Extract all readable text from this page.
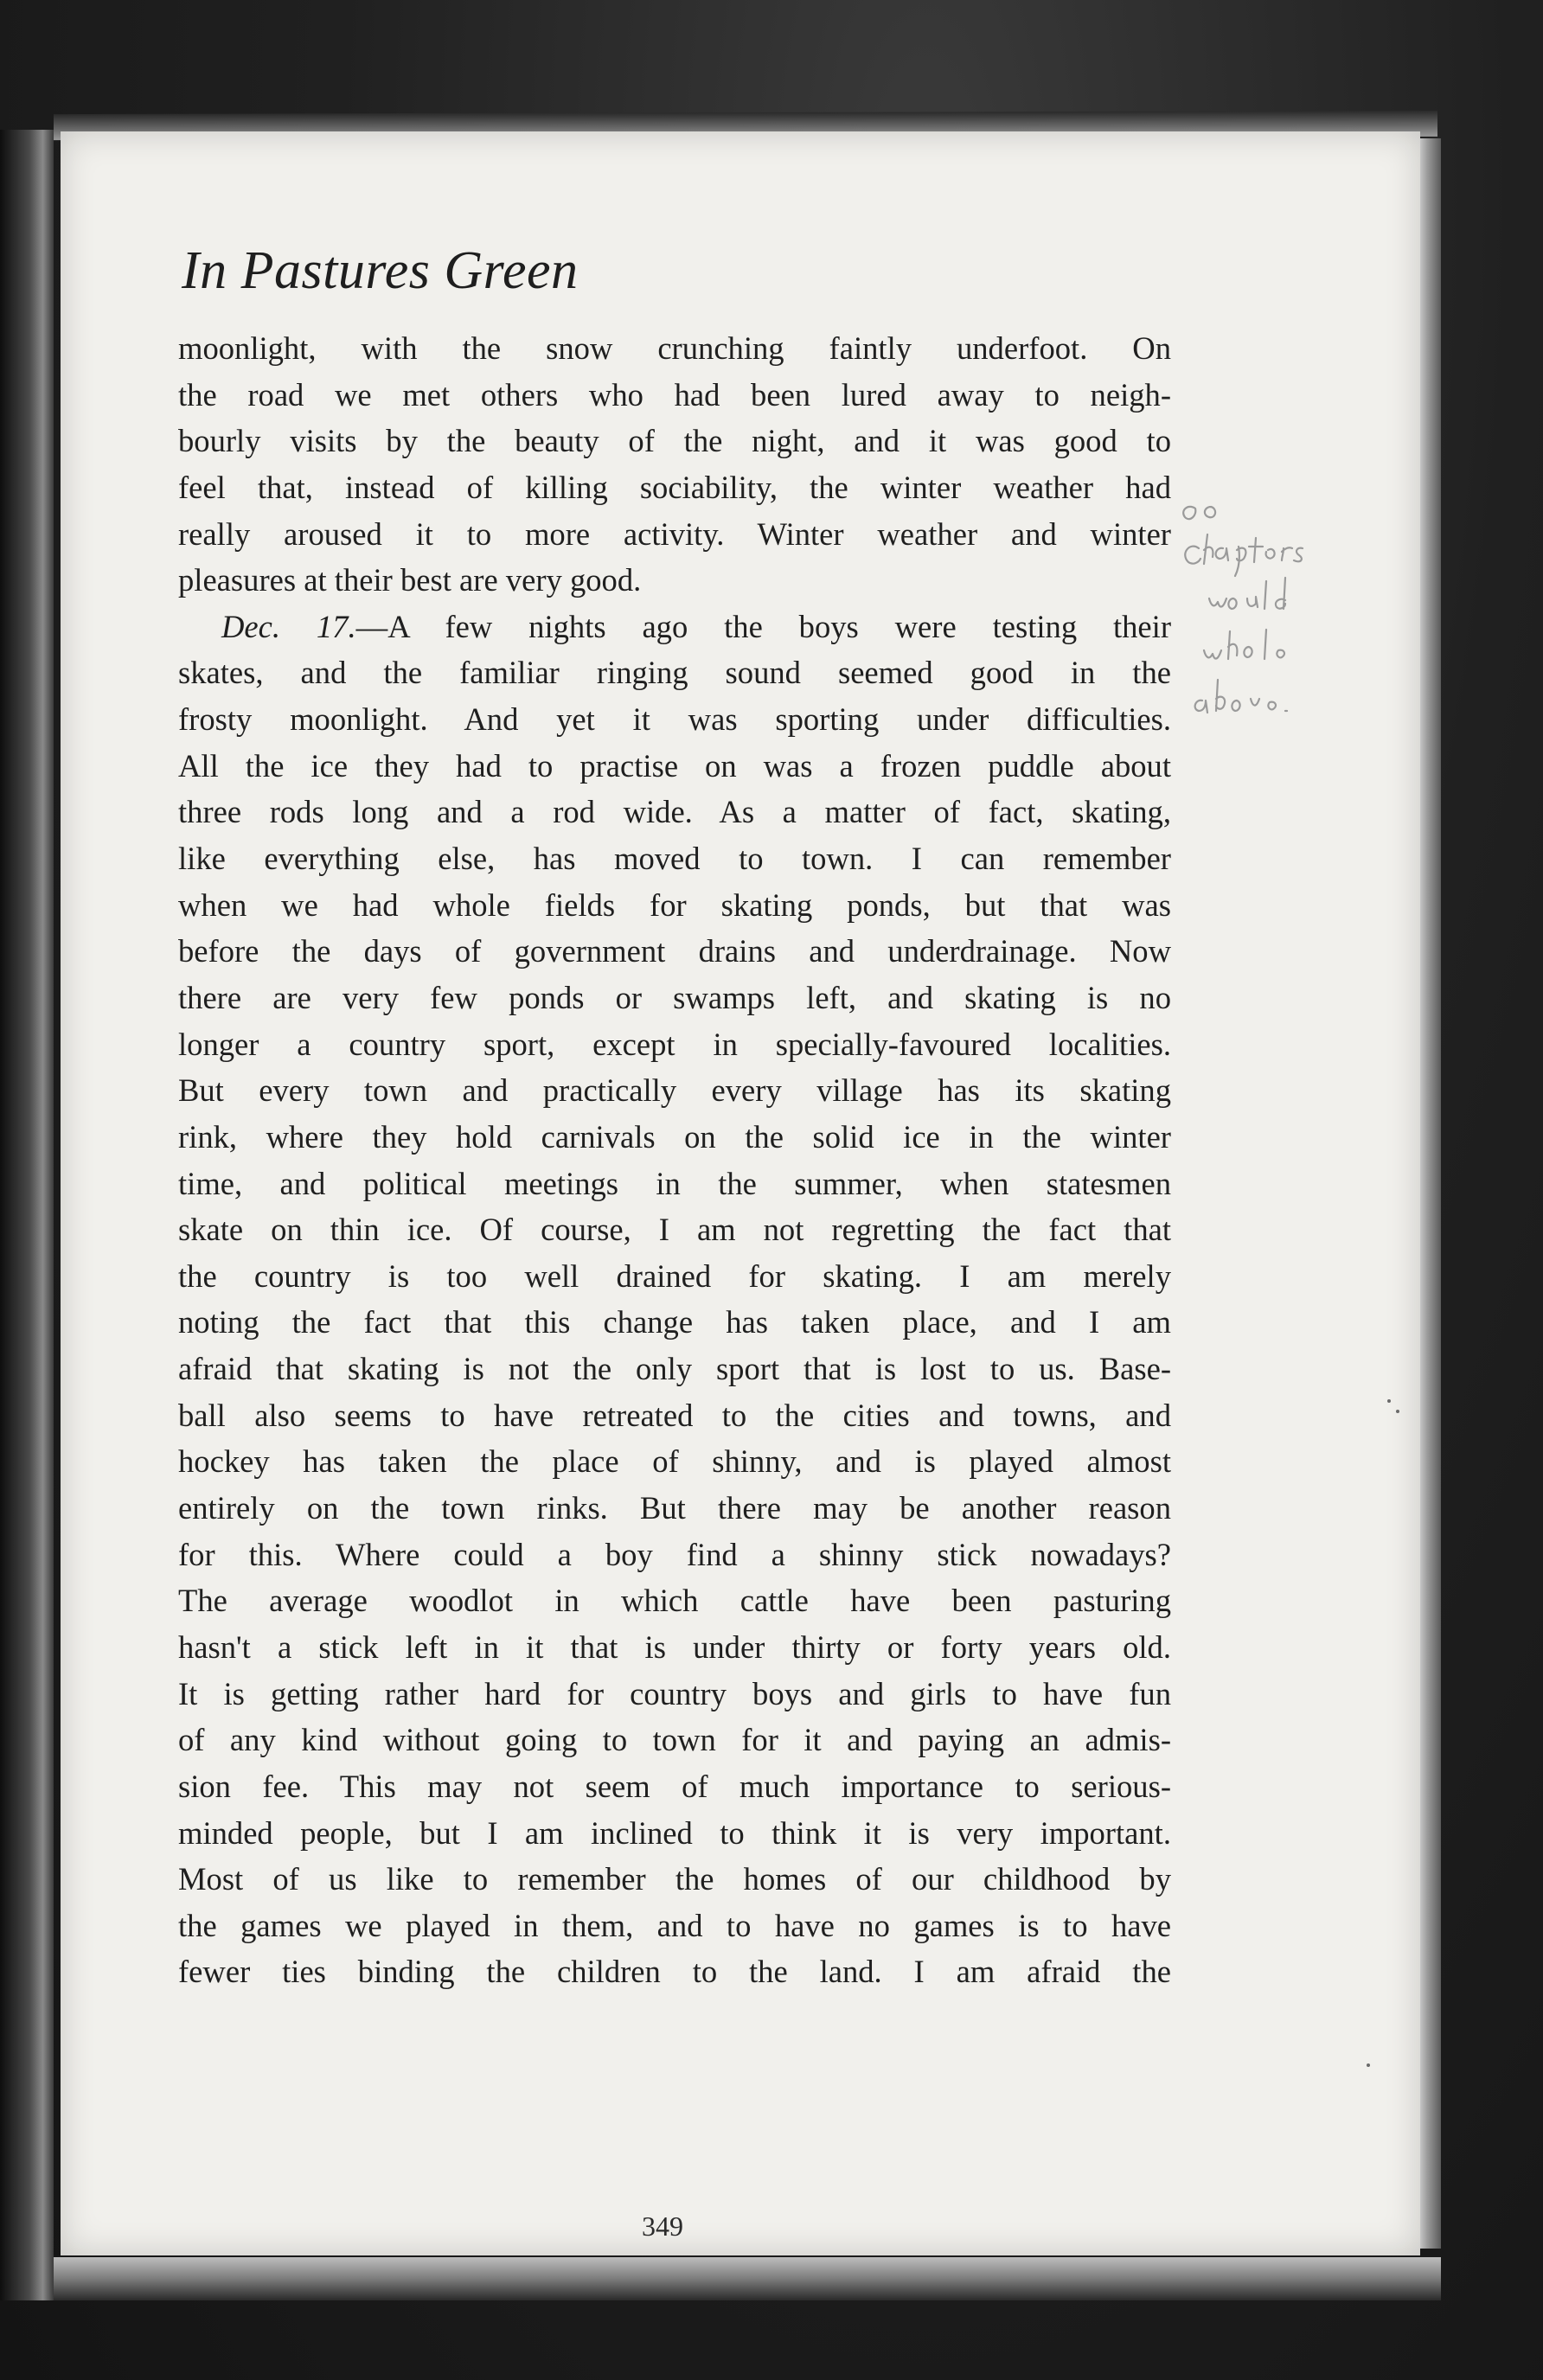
In Pastures Green
moonlight, with the snow crunching faintly underfoot. On
the road we met others who had been lured away to neigh-
bourly visits by the beauty of the night, and it was good to
feel that, instead of killing sociability, the winter weather had
really aroused it to more activity. Winter weather and winter
pleasures at their best are very good.
Dec. 17.—A few nights ago the boys were testing their
skates, and the familiar ringing sound seemed good in the
frosty moonlight. And yet it was sporting under difficulties.
All the ice they had to practise on was a frozen puddle about
three rods long and a rod wide. As a matter of fact, skating,
like everything else, has moved to town. I can remember
when we had whole fields for skating ponds, but that was
before the days of government drains and underdrainage. Now
there are very few ponds or swamps left, and skating is no
longer a country sport, except in specially-favoured localities.
But every town and practically every village has its skating
rink, where they hold carnivals on the solid ice in the winter
time, and political meetings in the summer, when statesmen
skate on thin ice. Of course, I am not regretting the fact that
the country is too well drained for skating. I am merely
noting the fact that this change has taken place, and I am
afraid that skating is not the only sport that is lost to us. Base-
ball also seems to have retreated to the cities and towns, and
hockey has taken the place of shinny, and is played almost
entirely on the town rinks. But there may be another reason
for this. Where could a boy find a shinny stick nowadays?
The average woodlot in which cattle have been pasturing
hasn't a stick left in it that is under thirty or forty years old.
It is getting rather hard for country boys and girls to have fun
of any kind without going to town for it and paying an admis-
sion fee. This may not seem of much importance to serious-
minded people, but I am inclined to think it is very important.
Most of us like to remember the homes of our childhood by
the games we played in them, and to have no games is to have
fewer ties binding the children to the land. I am afraid the
349
